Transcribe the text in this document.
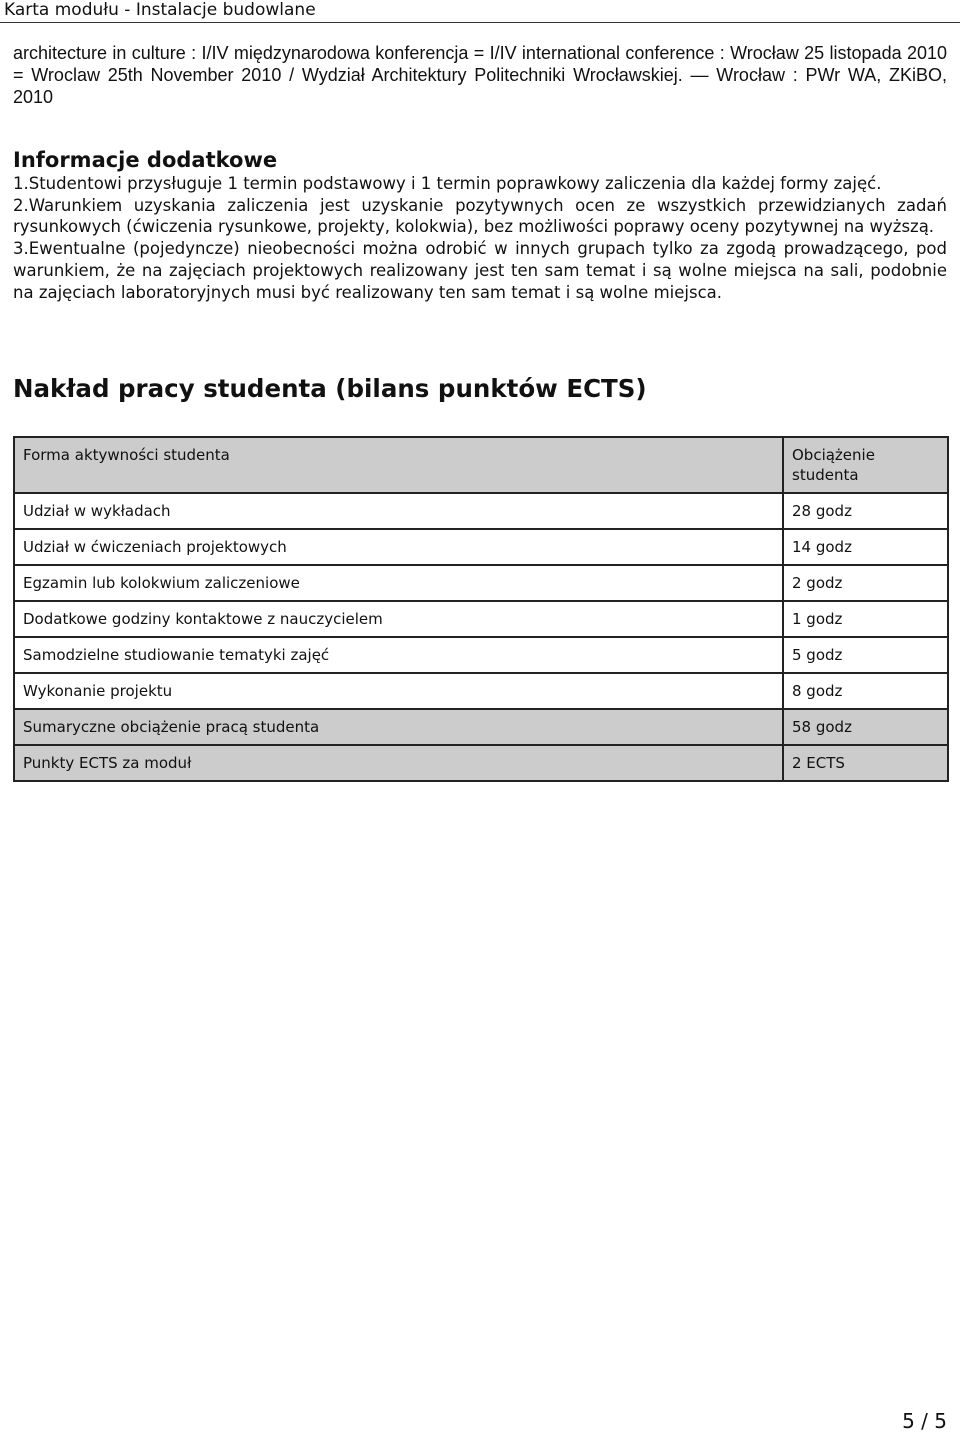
Karta modułu - Instalacje budowlane

architecture in culture : I/IV międzynarodowa konferencja = I/IV international conference : Wrocław 25 listopada 2010 = Wroclaw 25th November 2010 / Wydział Architektury Politechniki Wrocławskiej. — Wrocław : PWr WA, ZKiBO, 2010

Informacje dodatkowe

1.Studentowi przysługuje 1 termin podstawowy i 1 termin poprawkowy zaliczenia dla każdej formy zajęć.

2.Warunkiem uzyskania zaliczenia jest uzyskanie pozytywnych ocen ze wszystkich przewidzianych zadań rysunkowych (ćwiczenia rysunkowe, projekty, kolokwia), bez możliwości poprawy oceny pozytywnej na wyższą.

3.Ewentualne (pojedyncze) nieobecności można odrobić w innych grupach tylko za zgodą prowadzącego, pod warunkiem, że na zajęciach projektowych realizowany jest ten sam temat i są wolne miejsca na sali, podobnie na zajęciach laboratoryjnych musi być realizowany ten sam temat i są wolne miejsca.

Nakład pracy studenta (bilans punktów ECTS)
Forma aktywności studenta	Obciążenie studenta
Udział w wykładach	28 godz
Udział w ćwiczeniach projektowych	14 godz
Egzamin lub kolokwium zaliczeniowe	2 godz
Dodatkowe godziny kontaktowe z nauczycielem	1 godz
Samodzielne studiowanie tematyki zajęć	5 godz
Wykonanie projektu	8 godz
Sumaryczne obciążenie pracą studenta	58 godz
Punkty ECTS za moduł	2 ECTS
5 / 5
